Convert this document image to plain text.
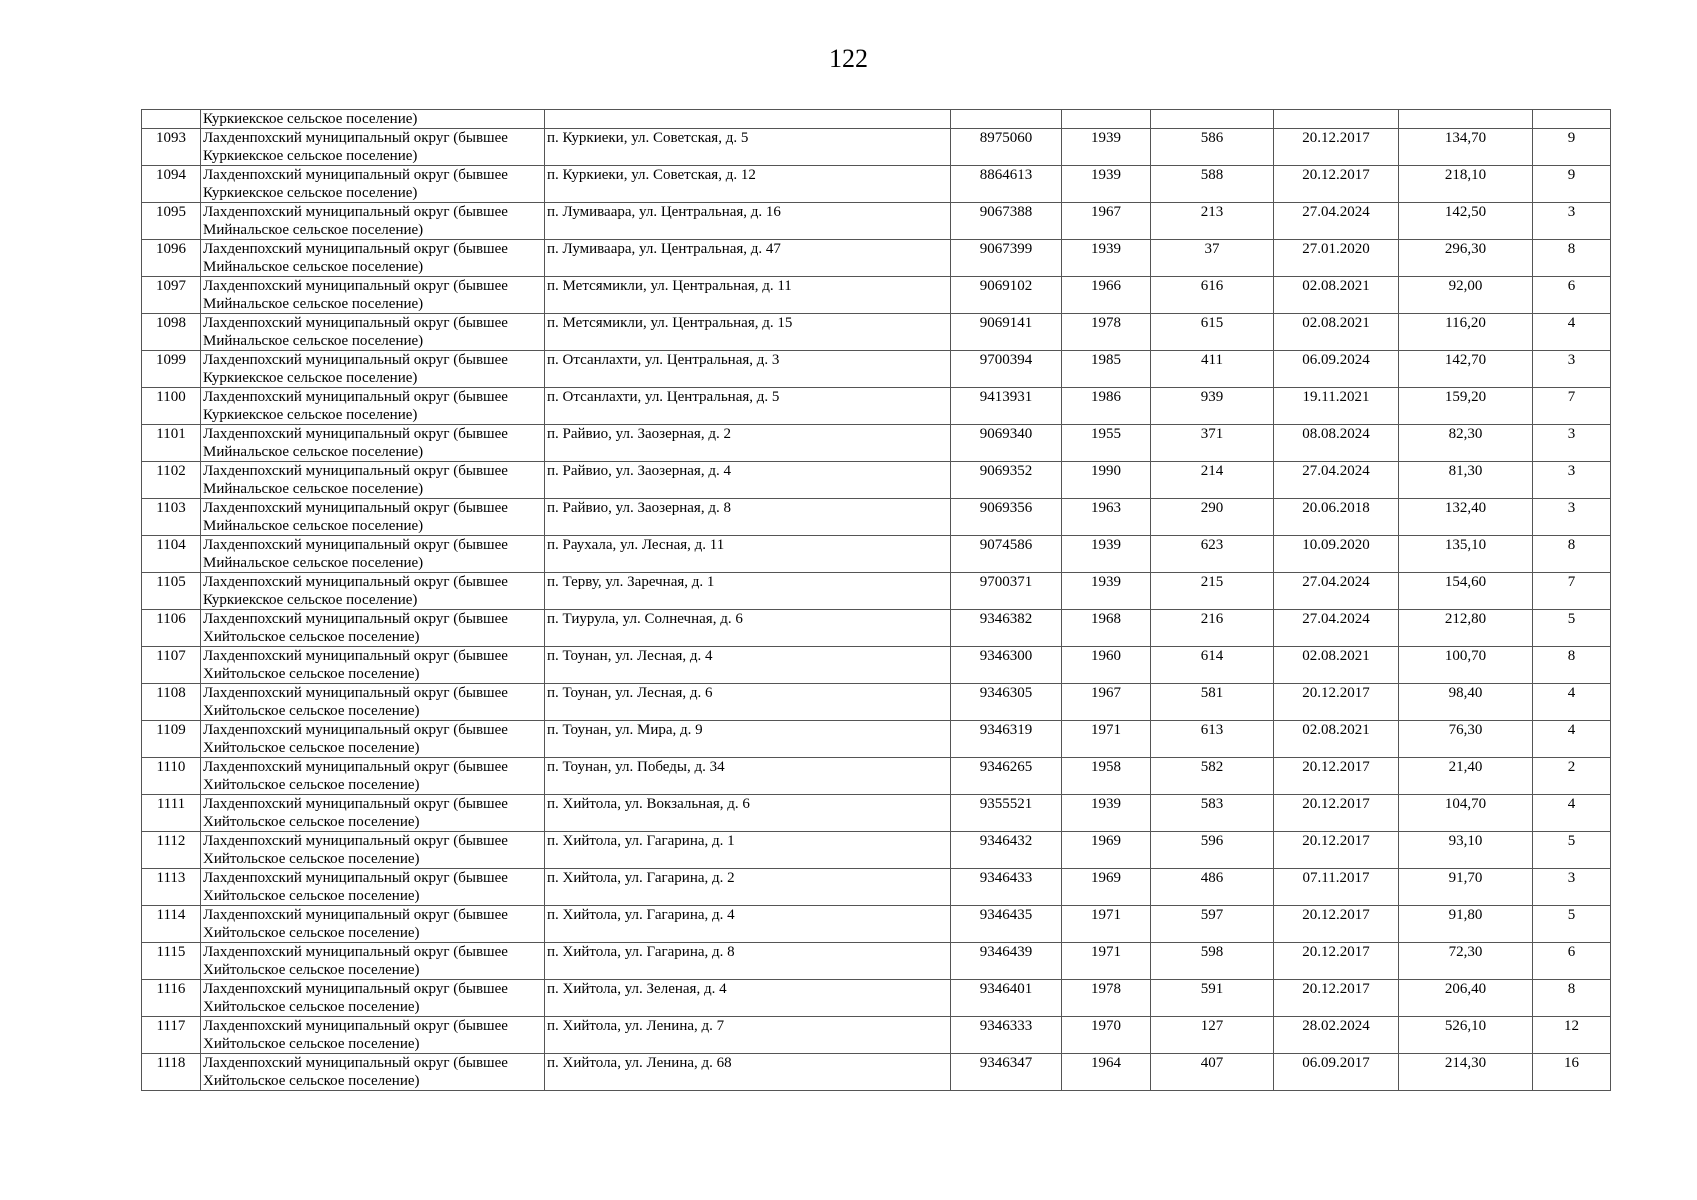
122
	Куркиекское сельское поселение)							
1093	Лахденпохский муниципальный округ (бывшее
Куркиекское сельское поселение)	п. Куркиеки, ул. Советская, д. 5	8975060	1939	586	20.12.2017	134,70	9
1094	Лахденпохский муниципальный округ (бывшее
Куркиекское сельское поселение)	п. Куркиеки, ул. Советская, д. 12	8864613	1939	588	20.12.2017	218,10	9
1095	Лахденпохский муниципальный округ (бывшее
Мийнальское сельское поселение)	п. Лумиваара, ул. Центральная, д. 16	9067388	1967	213	27.04.2024	142,50	3
1096	Лахденпохский муниципальный округ (бывшее
Мийнальское сельское поселение)	п. Лумиваара, ул. Центральная, д. 47	9067399	1939	37	27.01.2020	296,30	8
1097	Лахденпохский муниципальный округ (бывшее
Мийнальское сельское поселение)	п. Метсямикли, ул. Центральная, д. 11	9069102	1966	616	02.08.2021	92,00	6
1098	Лахденпохский муниципальный округ (бывшее
Мийнальское сельское поселение)	п. Метсямикли, ул. Центральная, д. 15	9069141	1978	615	02.08.2021	116,20	4
1099	Лахденпохский муниципальный округ (бывшее
Куркиекское сельское поселение)	п. Отсанлахти, ул. Центральная, д. 3	9700394	1985	411	06.09.2024	142,70	3
1100	Лахденпохский муниципальный округ (бывшее
Куркиекское сельское поселение)	п. Отсанлахти, ул. Центральная, д. 5	9413931	1986	939	19.11.2021	159,20	7
1101	Лахденпохский муниципальный округ (бывшее
Мийнальское сельское поселение)	п. Райвио, ул. Заозерная, д. 2	9069340	1955	371	08.08.2024	82,30	3
1102	Лахденпохский муниципальный округ (бывшее
Мийнальское сельское поселение)	п. Райвио, ул. Заозерная, д. 4	9069352	1990	214	27.04.2024	81,30	3
1103	Лахденпохский муниципальный округ (бывшее
Мийнальское сельское поселение)	п. Райвио, ул. Заозерная, д. 8	9069356	1963	290	20.06.2018	132,40	3
1104	Лахденпохский муниципальный округ (бывшее
Мийнальское сельское поселение)	п. Раухала, ул. Лесная, д. 11	9074586	1939	623	10.09.2020	135,10	8
1105	Лахденпохский муниципальный округ (бывшее
Куркиекское сельское поселение)	п. Терву, ул. Заречная, д. 1	9700371	1939	215	27.04.2024	154,60	7
1106	Лахденпохский муниципальный округ (бывшее
Хийтольское сельское поселение)	п. Тиурула, ул. Солнечная, д. 6	9346382	1968	216	27.04.2024	212,80	5
1107	Лахденпохский муниципальный округ (бывшее
Хийтольское сельское поселение)	п. Тоунан, ул. Лесная, д. 4	9346300	1960	614	02.08.2021	100,70	8
1108	Лахденпохский муниципальный округ (бывшее
Хийтольское сельское поселение)	п. Тоунан, ул. Лесная, д. 6	9346305	1967	581	20.12.2017	98,40	4
1109	Лахденпохский муниципальный округ (бывшее
Хийтольское сельское поселение)	п. Тоунан, ул. Мира, д. 9	9346319	1971	613	02.08.2021	76,30	4
1110	Лахденпохский муниципальный округ (бывшее
Хийтольское сельское поселение)	п. Тоунан, ул. Победы, д. 34	9346265	1958	582	20.12.2017	21,40	2
1111	Лахденпохский муниципальный округ (бывшее
Хийтольское сельское поселение)	п. Хийтола, ул. Вокзальная, д. 6	9355521	1939	583	20.12.2017	104,70	4
1112	Лахденпохский муниципальный округ (бывшее
Хийтольское сельское поселение)	п. Хийтола, ул. Гагарина, д. 1	9346432	1969	596	20.12.2017	93,10	5
1113	Лахденпохский муниципальный округ (бывшее
Хийтольское сельское поселение)	п. Хийтола, ул. Гагарина, д. 2	9346433	1969	486	07.11.2017	91,70	3
1114	Лахденпохский муниципальный округ (бывшее
Хийтольское сельское поселение)	п. Хийтола, ул. Гагарина, д. 4	9346435	1971	597	20.12.2017	91,80	5
1115	Лахденпохский муниципальный округ (бывшее
Хийтольское сельское поселение)	п. Хийтола, ул. Гагарина, д. 8	9346439	1971	598	20.12.2017	72,30	6
1116	Лахденпохский муниципальный округ (бывшее
Хийтольское сельское поселение)	п. Хийтола, ул. Зеленая, д. 4	9346401	1978	591	20.12.2017	206,40	8
1117	Лахденпохский муниципальный округ (бывшее
Хийтольское сельское поселение)	п. Хийтола, ул. Ленина, д. 7	9346333	1970	127	28.02.2024	526,10	12
1118	Лахденпохский муниципальный округ (бывшее
Хийтольское сельское поселение)	п. Хийтола, ул. Ленина, д. 68	9346347	1964	407	06.09.2017	214,30	16
